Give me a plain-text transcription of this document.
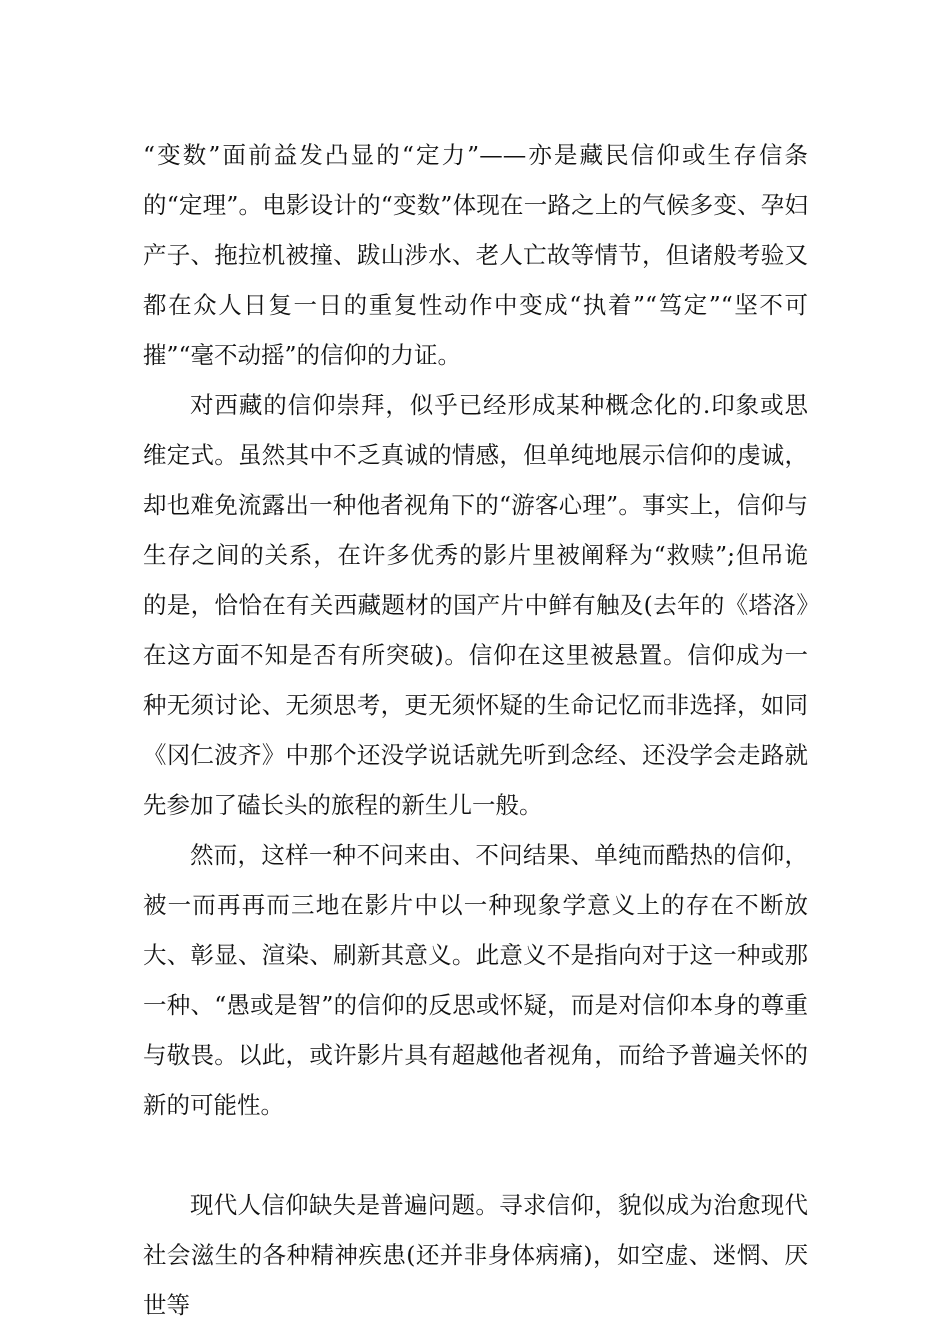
“变数”面前益发凸显的“定力”——亦是藏民信仰或生存信条的“定理”。电影设计的“变数”体现在一路之上的气候多变、孕妇产子、拖拉机被撞、跋山涉水、老人亡故等情节，但诸般考验又都在众人日复一日的重复性动作中变成“执着”“笃定”“坚不可摧”“毫不动摇”的信仰的力证。

对西藏的信仰崇拜，似乎已经形成某种概念化的.印象或思维定式。虽然其中不乏真诚的情感，但单纯地展示信仰的虔诚，却也难免流露出一种他者视角下的“游客心理”。事实上，信仰与生存之间的关系，在许多优秀的影片里被阐释为“救赎”;但吊诡的是，恰恰在有关西藏题材的国产片中鲜有触及(去年的《塔洛》在这方面不知是否有所突破)。信仰在这里被悬置。信仰成为一种无须讨论、无须思考，更无须怀疑的生命记忆而非选择，如同《冈仁波齐》中那个还没学说话就先听到念经、还没学会走路就先参加了磕长头的旅程的新生儿一般。

然而，这样一种不问来由、不问结果、单纯而酷热的信仰，被一而再再而三地在影片中以一种现象学意义上的存在不断放大、彰显、渲染、刷新其意义。此意义不是指向对于这一种或那一种、“愚或是智”的信仰的反思或怀疑，而是对信仰本身的尊重与敬畏。以此，或许影片具有超越他者视角，而给予普遍关怀的新的可能性。

现代人信仰缺失是普遍问题。寻求信仰，貌似成为治愈现代社会滋生的各种精神疾患(还并非身体病痛)，如空虚、迷惘、厌世等
